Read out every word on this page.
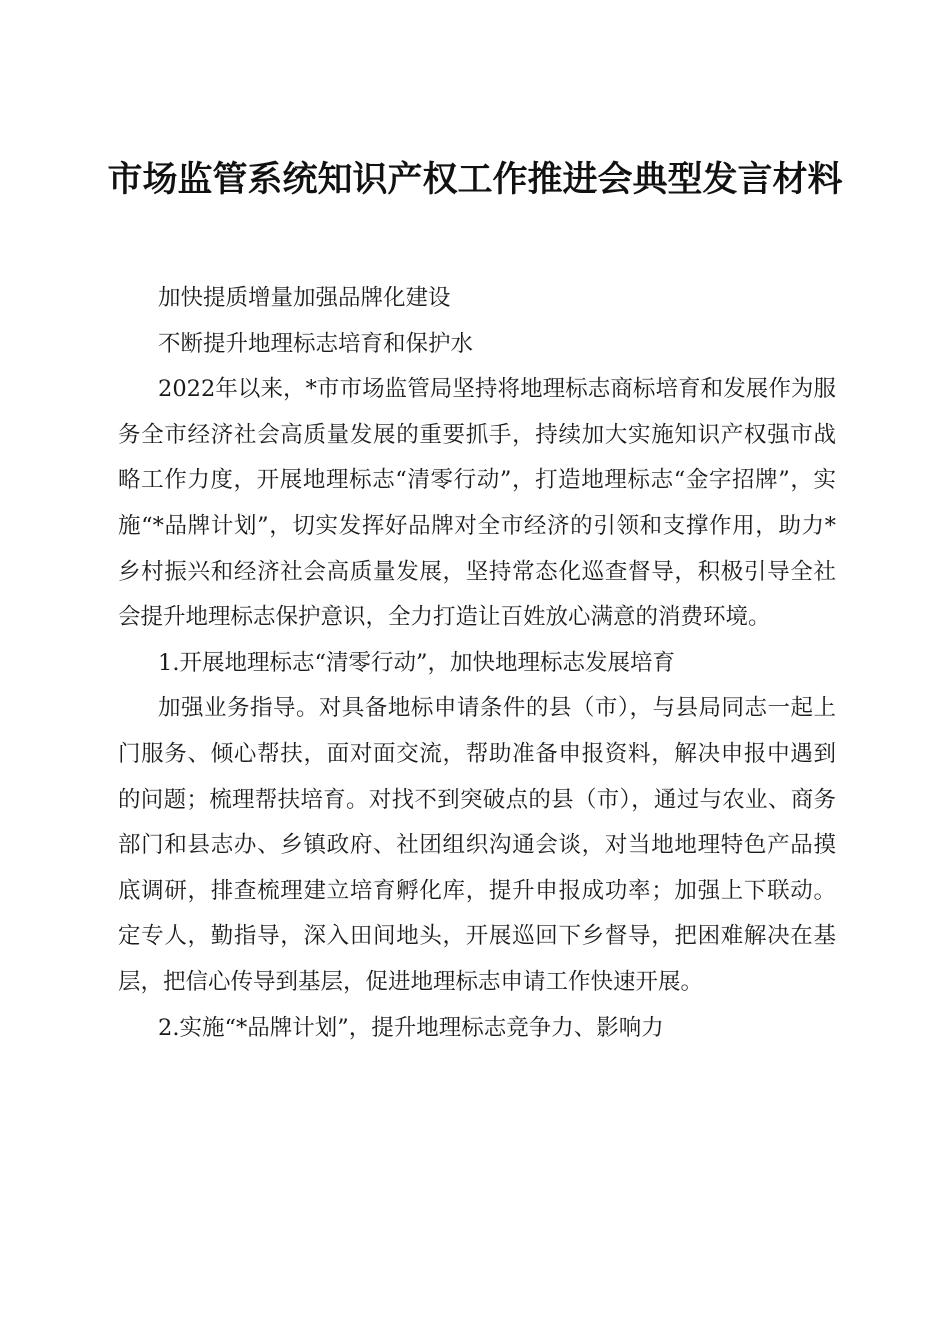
市场监管系统知识产权工作推进会典型发言材料

加快提质增量加强品牌化建设

不断提升地理标志培育和保护水

2022年以来，*市市场监管局坚持将地理标志商标培育和发展作为服务全市经济社会高质量发展的重要抓手，持续加大实施知识产权强市战略工作力度，开展地理标志“清零行动”，打造地理标志“金字招牌”，实施“*品牌计划”，切实发挥好品牌对全市经济的引领和支撑作用，助力*乡村振兴和经济社会高质量发展，坚持常态化巡查督导，积极引导全社会提升地理标志保护意识，全力打造让百姓放心满意的消费环境。

1.开展地理标志“清零行动”，加快地理标志发展培育

加强业务指导。对具备地标申请条件的县（市），与县局同志一起上门服务、倾心帮扶，面对面交流，帮助准备申报资料，解决申报中遇到的问题；梳理帮扶培育。对找不到突破点的县（市），通过与农业、商务部门和县志办、乡镇政府、社团组织沟通会谈，对当地地理特色产品摸底调研，排查梳理建立培育孵化库，提升申报成功率；加强上下联动。定专人，勤指导，深入田间地头，开展巡回下乡督导，把困难解决在基层，把信心传导到基层，促进地理标志申请工作快速开展。

2.实施“*品牌计划”，提升地理标志竞争力、影响力
